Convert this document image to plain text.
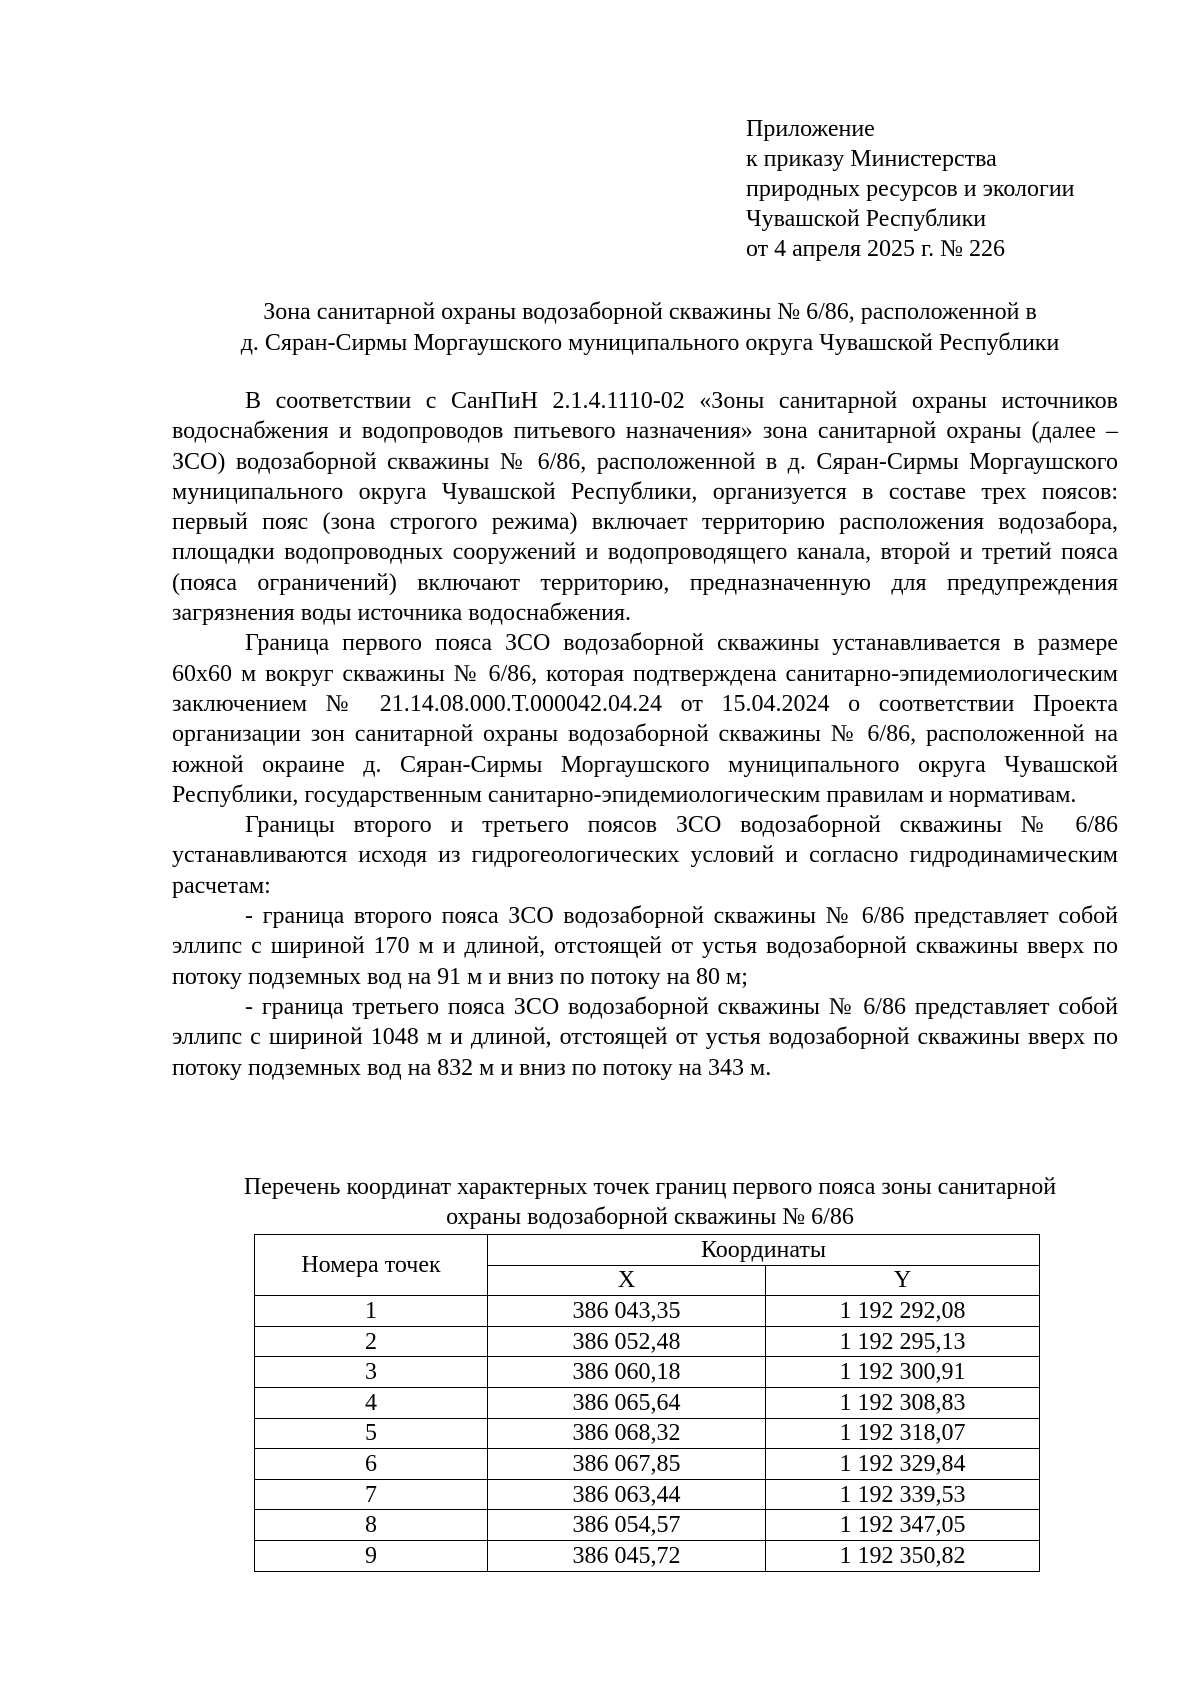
Приложение
к приказу Министерства
природных ресурсов и экологии
Чувашской Республики
от 4 апреля 2025 г. № 226
Зона санитарной охраны водозаборной скважины № 6/86, расположенной в
д. Сяран-Сирмы Моргаушского муниципального округа Чувашской Республики

В соответствии с СанПиН 2.1.4.1110-02 «Зоны санитарной охраны источников водоснабжения и водопроводов питьевого назначения» зона санитарной охраны (далее – ЗСО) водозаборной скважины № 6/86, расположенной в д. Сяран-Сирмы Моргаушского муниципального округа Чувашской Республики, организуется в составе трех поясов: первый пояс (зона строгого режима) включает территорию расположения водозабора, площадки водопроводных сооружений и водопроводящего канала, второй и третий пояса (пояса ограничений) включают территорию, предназначенную для предупреждения загрязнения воды источника водоснабжения.

Граница первого пояса ЗСО водозаборной скважины устанавливается в размере 60х60 м вокруг скважины № 6/86, которая подтверждена санитарно-эпидемиологическим заключением № 21.14.08.000.Т.000042.04.24 от 15.04.2024 о соответствии Проекта организации зон санитарной охраны водозаборной скважины № 6/86, расположенной на южной окраине д. Сяран-Сирмы Моргаушского муниципального округа Чувашской Республики, государственным санитарно-эпидемиологическим правилам и нормативам.

Границы второго и третьего поясов ЗСО водозаборной скважины № 6/86 устанавливаются исходя из гидрогеологических условий и согласно гидродинамическим расчетам:

- граница второго пояса ЗСО водозаборной скважины № 6/86 представляет собой эллипс с шириной 170 м и длиной, отстоящей от устья водозаборной скважины вверх по потоку подземных вод на 91 м и вниз по потоку на 80 м;

- граница третьего пояса ЗСО водозаборной скважины № 6/86 представляет собой эллипс с шириной 1048 м и длиной, отстоящей от устья водозаборной скважины вверх по потоку подземных вод на 832 м и вниз по потоку на 343 м.

Перечень координат характерных точек границ первого пояса зоны санитарной
охраны водозаборной скважины № 6/86
Номера точек	Координаты	
	X	Y
1	386 043,35	1 192 292,08
2	386 052,48	1 192 295,13
3	386 060,18	1 192 300,91
4	386 065,64	1 192 308,83
5	386 068,32	1 192 318,07
6	386 067,85	1 192 329,84
7	386 063,44	1 192 339,53
8	386 054,57	1 192 347,05
9	386 045,72	1 192 350,82
